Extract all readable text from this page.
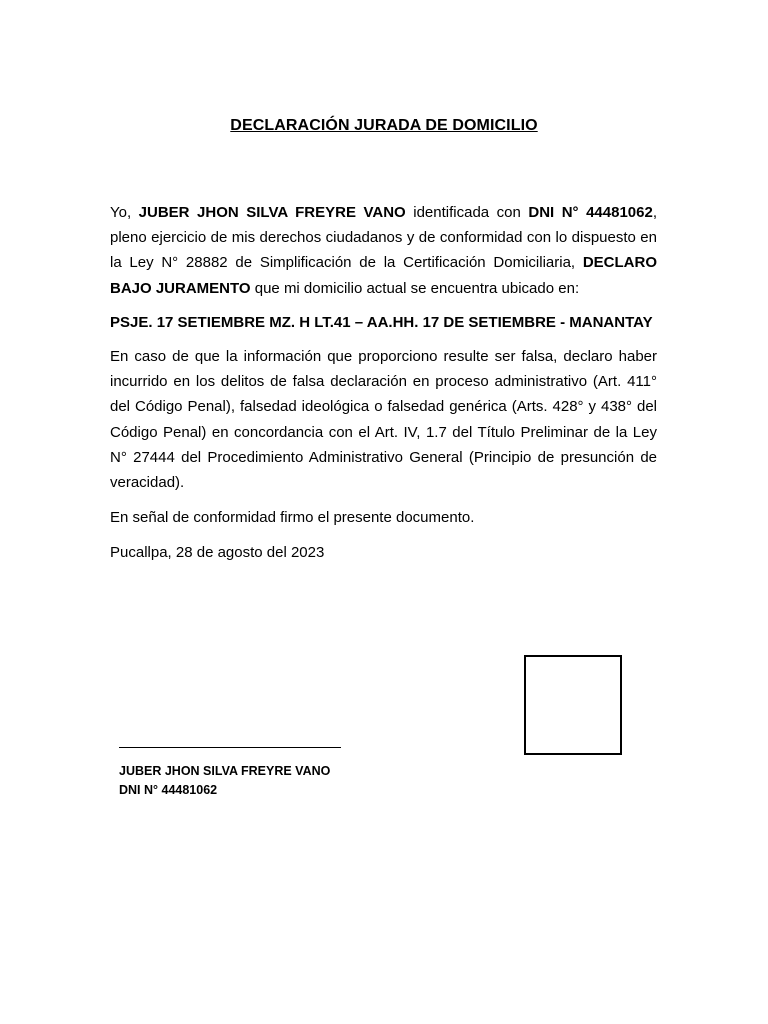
DECLARACIÓN JURADA DE DOMICILIO

Yo, JUBER JHON SILVA FREYRE VANO identificada con DNI N° 44481062, pleno ejercicio de mis derechos ciudadanos y de conformidad con lo dispuesto en la Ley N° 28882 de Simplificación de la Certificación Domiciliaria, DECLARO BAJO JURAMENTO que mi domicilio actual se encuentra ubicado en:

PSJE. 17 SETIEMBRE MZ. H LT.41 – AA.HH. 17 DE SETIEMBRE - MANANTAY

En caso de que la información que proporciono resulte ser falsa, declaro haber incurrido en los delitos de falsa declaración en proceso administrativo (Art. 411° del Código Penal), falsedad ideológica o falsedad genérica (Arts. 428° y 438° del Código Penal) en concordancia con el Art. IV, 1.7 del Título Preliminar de la Ley N° 27444 del Procedimiento Administrativo General (Principio de presunción de veracidad).

En señal de conformidad firmo el presente documento.

Pucallpa, 28 de agosto del 2023

JUBER JHON SILVA FREYRE VANO
DNI N° 44481062
